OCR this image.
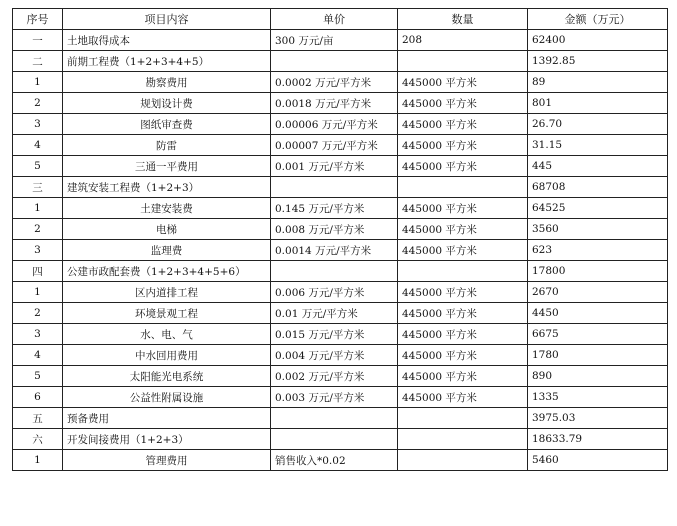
序号	项目内容	单价	数量	金额（万元）
一	土地取得成本	300 万元/亩	208	62400
二	前期工程费（1+2+3+4+5）			1392.85
1	勘察费用	0.0002 万元/平方米	445000 平方米	89
2	规划设计费	0.0018 万元/平方米	445000 平方米	801
3	图纸审查费	0.00006 万元/平方米	445000 平方米	26.70
4	防雷	0.00007 万元/平方米	445000 平方米	31.15
5	三通一平费用	0.001 万元/平方米	445000 平方米	445
三	建筑安装工程费（1+2+3）			68708
1	土建安装费	0.145 万元/平方米	445000 平方米	64525
2	电梯	0.008 万元/平方米	445000 平方米	3560
3	监理费	0.0014 万元/平方米	445000 平方米	623
四	公建市政配套费（1+2+3+4+5+6）			17800
1	区内道排工程	0.006 万元/平方米	445000 平方米	2670
2	环境景观工程	0.01 万元/平方米	445000 平方米	4450
3	水、电、气	0.015 万元/平方米	445000 平方米	6675
4	中水回用费用	0.004 万元/平方米	445000 平方米	1780
5	太阳能光电系统	0.002 万元/平方米	445000 平方米	890
6	公益性附属设施	0.003 万元/平方米	445000 平方米	1335
五	预备费用			3975.03
六	开发间接费用（1+2+3）			18633.79
1	管理费用	销售收入*0.02		5460
